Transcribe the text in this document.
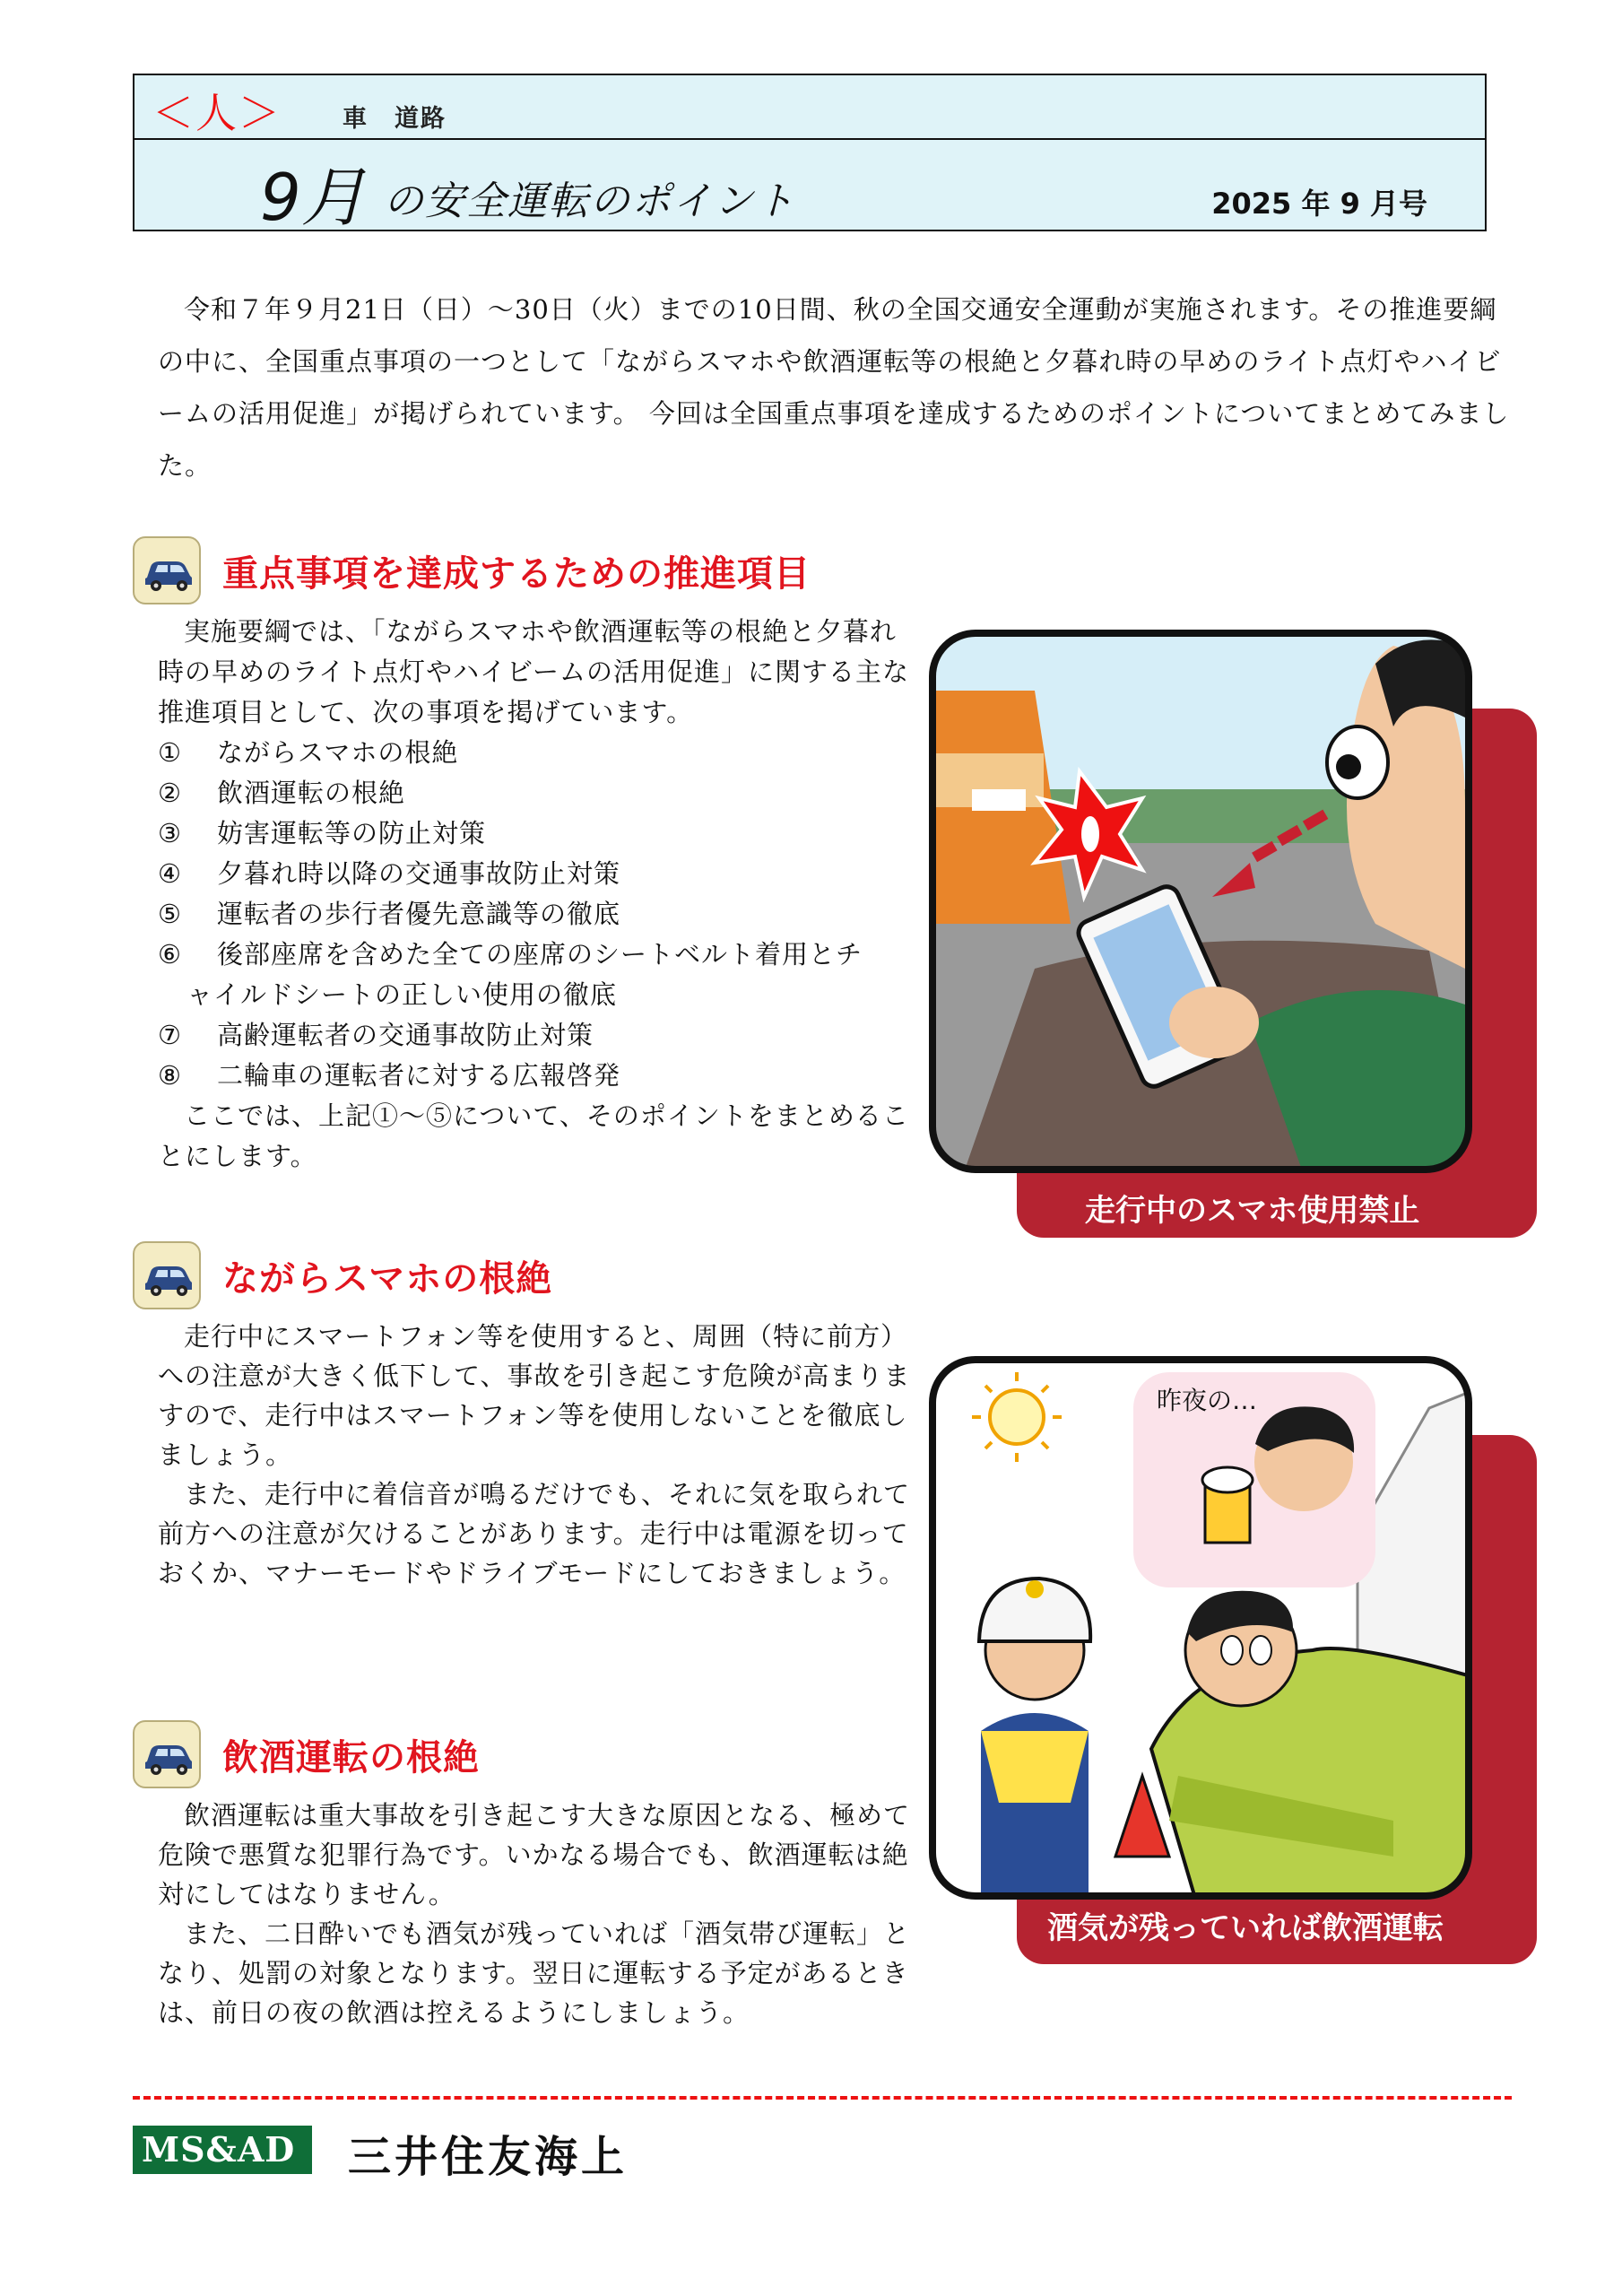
＜人＞	車　道路
9月 の安全運転のポイント	2025 年 9 月号
令和７年９月21日（日）～30日（火）までの10日間、秋の全国交通安全運動が実施されます。その推進要綱の中に、全国重点事項の一つとして「ながらスマホや飲酒運転等の根絶と夕暮れ時の早めのライト点灯やハイビームの活用促進」が掲げられています。 今回は全国重点事項を達成するためのポイントについてまとめてみました。
重点事項を達成するための推進項目

実施要綱では、「ながらスマホや飲酒運転等の根絶と夕暮れ時の早めのライト点灯やハイビームの活用促進」に関する主な推進項目として、次の事項を掲げています。

①	ながらスマホの根絶
②	飲酒運転の根絶
③	妨害運転等の防止対策
④	夕暮れ時以降の交通事故防止対策
⑤	運転者の歩行者優先意識等の徹底
⑥	後部座席を含めた全ての座席のシートベルト着用とチ
ャイルドシートの正しい使用の徹底
⑦	高齢運転者の交通事故防止対策
⑧	二輪車の運転者に対する広報啓発

ここでは、上記①～⑤について、そのポイントをまとめることにします。

走行中のスマホ使用禁止
ながらスマホの根絶

走行中にスマートフォン等を使用すると、周囲（特に前方）への注意が大きく低下して、事故を引き起こす危険が高まりますので、走行中はスマートフォン等を使用しないことを徹底しましょう。

また、走行中に着信音が鳴るだけでも、それに気を取られて前方への注意が欠けることがあります。走行中は電源を切っておくか、マナーモードやドライブモードにしておきましょう。

昨夜の…
酒気が残っていれば飲酒運転
飲酒運転の根絶

飲酒運転は重大事故を引き起こす大きな原因となる、極めて危険で悪質な犯罪行為です。いかなる場合でも、飲酒運転は絶対にしてはなりません。

また、二日酔いでも酒気が残っていれば「酒気帯び運転」となり、処罰の対象となります。翌日に運転する予定があるときは、前日の夜の飲酒は控えるようにしましょう。

MS&AD 三井住友海上
